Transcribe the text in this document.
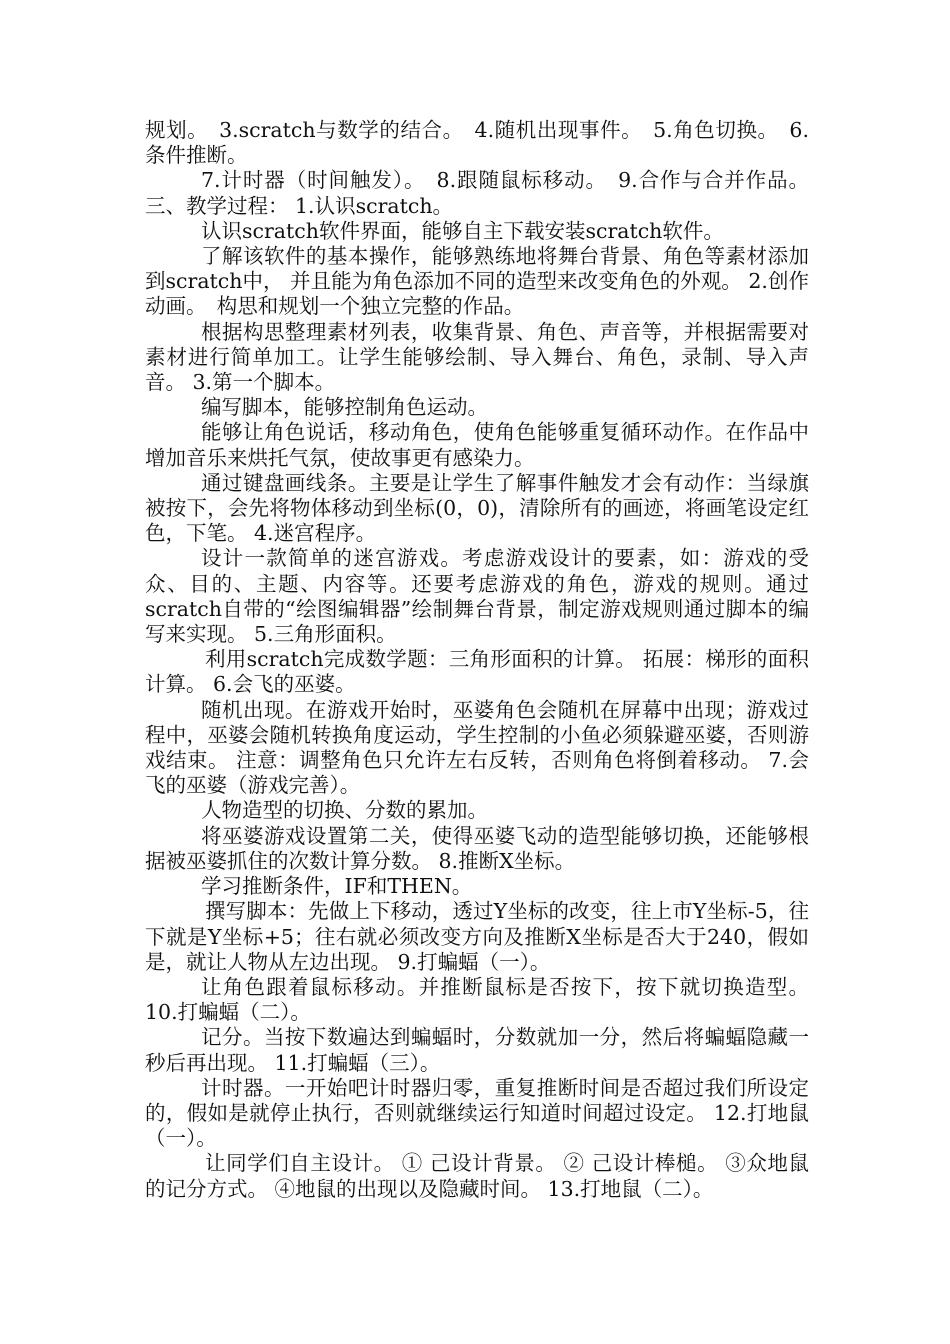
规划。　3.scratch与数学的结合。　4.随机出现事件。　5.角色切换。　6.条件推断。

7.计时器（时间触发）。　8.跟随鼠标移动。　9.合作与合并作品。 三、教学过程： 1.认识scratch。

认识scratch软件界面，能够自主下载安装scratch软件。

了解该软件的基本操作，能够熟练地将舞台背景、角色等素材添加到scratch中， 并且能为角色添加不同的造型来改变角色的外观。 2.创作动画。　构思和规划一个独立完整的作品。

根据构思整理素材列表，收集背景、角色、声音等，并根据需要对素材进行简单加工。让学生能够绘制、导入舞台、角色，录制、导入声音。 3.第一个脚本。

编写脚本，能够控制角色运动。

能够让角色说话，移动角色，使角色能够重复循环动作。在作品中增加音乐来烘托气氛，使故事更有感染力。

通过键盘画线条。主要是让学生了解事件触发才会有动作：当绿旗被按下，会先将物体移动到坐标(0，0)，清除所有的画迹，将画笔设定红色，下笔。 4.迷宫程序。

设计一款简单的迷宫游戏。考虑游戏设计的要素，如：游戏的受众、目的、主题、内容等。还要考虑游戏的角色，游戏的规则。通过scratch自带的“绘图编辑器”绘制舞台背景，制定游戏规则通过脚本的编写来实现。 5.三角形面积。

利用scratch完成数学题：三角形面积的计算。 拓展：梯形的面积计算。 6.会飞的巫婆。

随机出现。在游戏开始时，巫婆角色会随机在屏幕中出现；游戏过程中，巫婆会随机转换角度运动，学生控制的小鱼必须躲避巫婆，否则游戏结束。 注意：调整角色只允许左右反转，否则角色将倒着移动。 7.会飞的巫婆（游戏完善）。

人物造型的切换、分数的累加。

将巫婆游戏设置第二关，使得巫婆飞动的造型能够切换，还能够根据被巫婆抓住的次数计算分数。 8.推断X坐标。

学习推断条件，IF和THEN。

撰写脚本：先做上下移动，透过Y坐标的改变，往上市Y坐标-5，往下就是Y坐标+5；往右就必须改变方向及推断X坐标是否大于240，假如是，就让人物从左边出现。 9.打蝙蝠（一）。

让角色跟着鼠标移动。并推断鼠标是否按下，按下就切换造型。 10.打蝙蝠（二）。

记分。当按下数遍达到蝙蝠时，分数就加一分，然后将蝙蝠隐藏一秒后再出现。 11.打蝙蝠（三）。

计时器。一开始吧计时器归零，重复推断时间是否超过我们所设定的，假如是就停止执行，否则就继续运行知道时间超过设定。 12.打地鼠（一）。

让同学们自主设计。 ① 己设计背景。 ② 己设计棒槌。 ③众地鼠的记分方式。 ④地鼠的出现以及隐藏时间。 13.打地鼠（二）。
